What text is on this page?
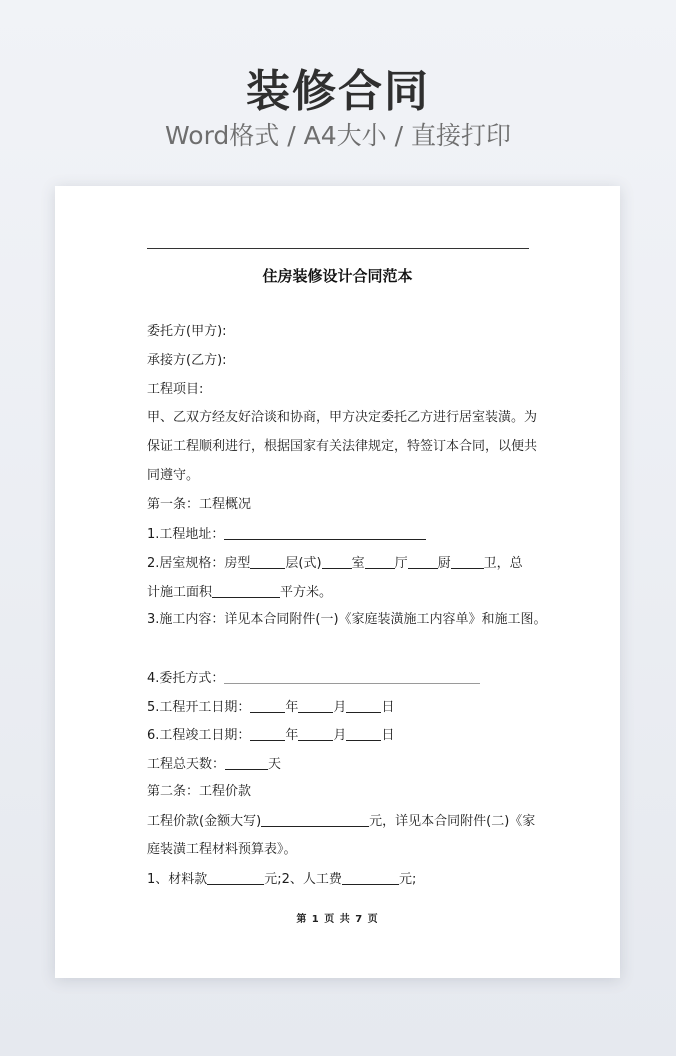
装修合同
Word格式 / A4大小 / 直接打印
住房装修设计合同范本
委托方(甲方):
承接方(乙方):
工程项目:
甲、乙双方经友好洽谈和协商，甲方决定委托乙方进行居室装潢。为
保证工程顺利进行，根据国家有关法律规定，特签订本合同，以便共
同遵守。
第一条：工程概况
1.工程地址：
2.居室规格：房型	层(式) 室 厅 厨	卫，总
计施工面积	平方米。
3.施工内容：详见本合同附件(一)《家庭装潢施工内容单》和施工图。
4.委托方式：
5.工程开工日期：	年	月	日
6.工程竣工日期：	年	月	日
工程总天数：	天
第二条：工程价款
工程价款(金额大写)	元，详见本合同附件(二)《家
庭装潢工程材料预算表》。
1、材料款	元;2、人工费	元;
第 1 页 共 7 页
